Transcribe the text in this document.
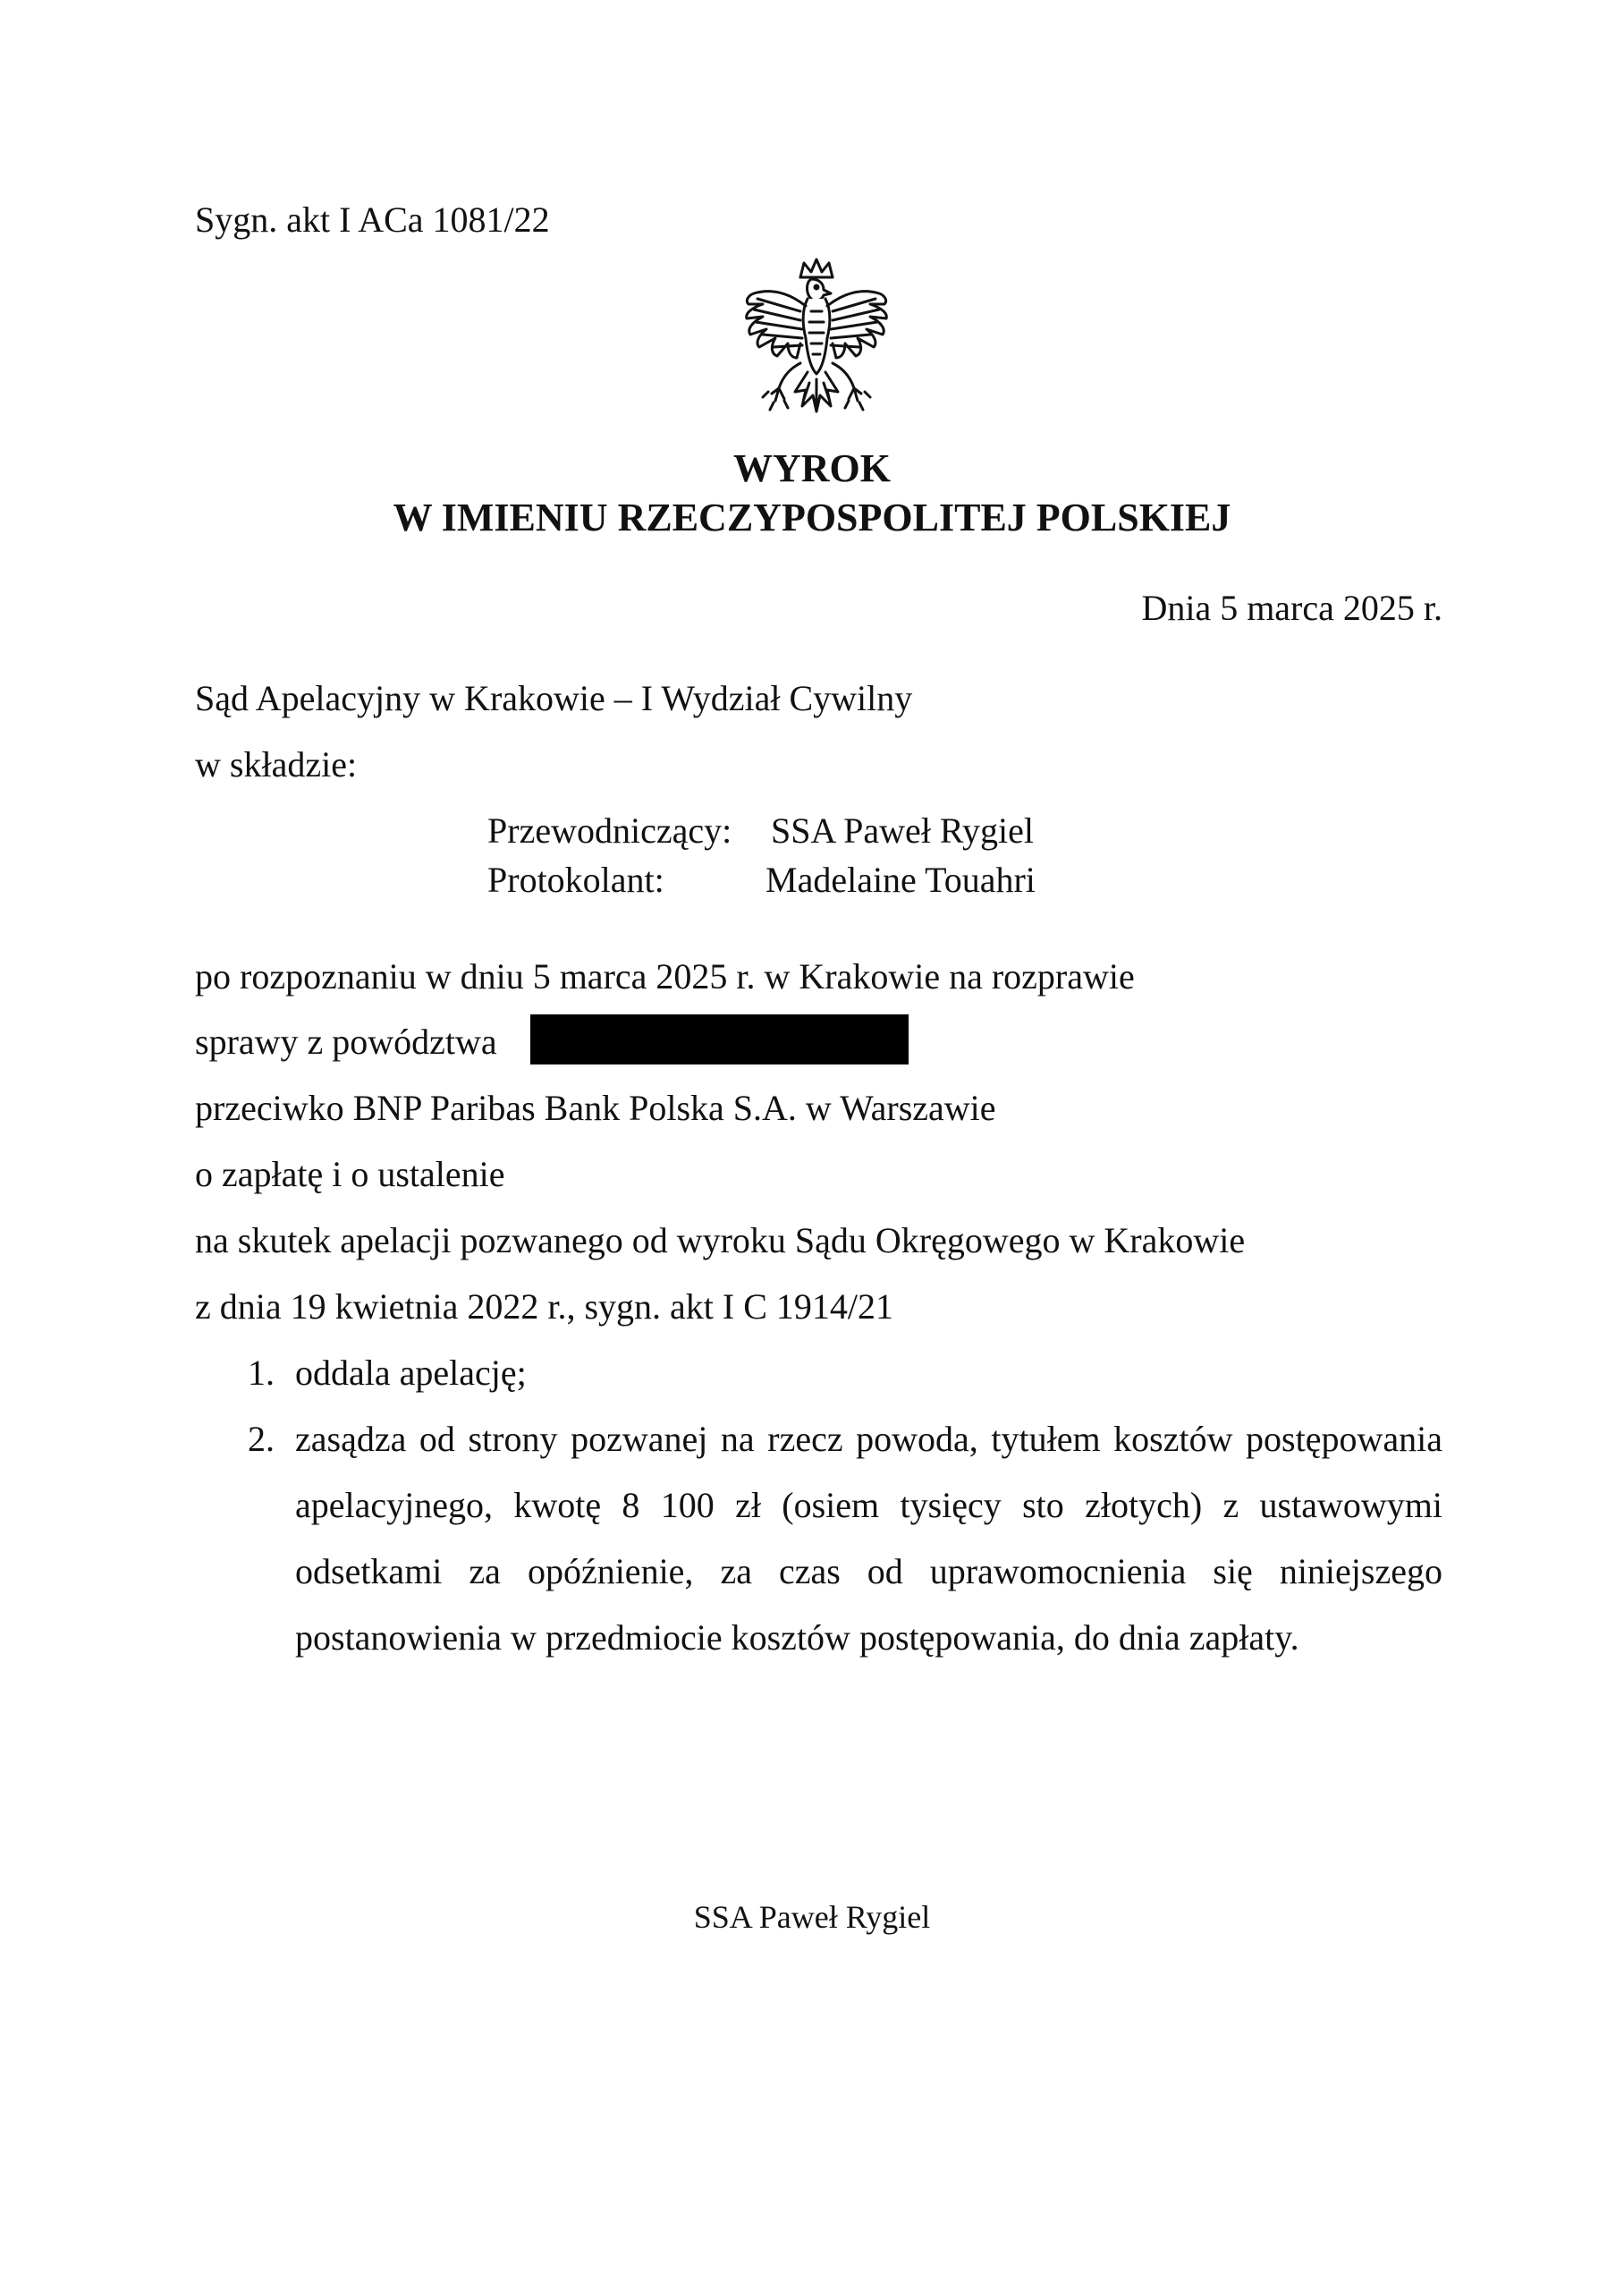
Sygn. akt I ACa 1081/22
WYROK
W IMIENIU RZECZYPOSPOLITEJ POLSKIEJ
Dnia 5 marca 2025 r.
Sąd Apelacyjny w Krakowie – I Wydział Cywilny
w składzie:
Przewodniczący: SSA Paweł Rygiel
Protokolant:	Madelaine Touahri
po rozpoznaniu w dniu 5 marca 2025 r. w Krakowie na rozprawie
sprawy z powództwa
przeciwko BNP Paribas Bank Polska S.A. w Warszawie
o zapłatę i o ustalenie
na skutek apelacji pozwanego od wyroku Sądu Okręgowego w Krakowie
z dnia 19 kwietnia 2022 r., sygn. akt I C 1914/21
1. oddala apelację;
2. zasądza od strony pozwanej na rzecz powoda, tytułem kosztów postępowania apelacyjnego, kwotę 8 100 zł (osiem tysięcy sto złotych) z ustawowymi odsetkami za opóźnienie, za czas od uprawomocnienia się niniejszego postanowienia w przedmiocie kosztów postępowania, do dnia zapłaty.
SSA Paweł Rygiel
